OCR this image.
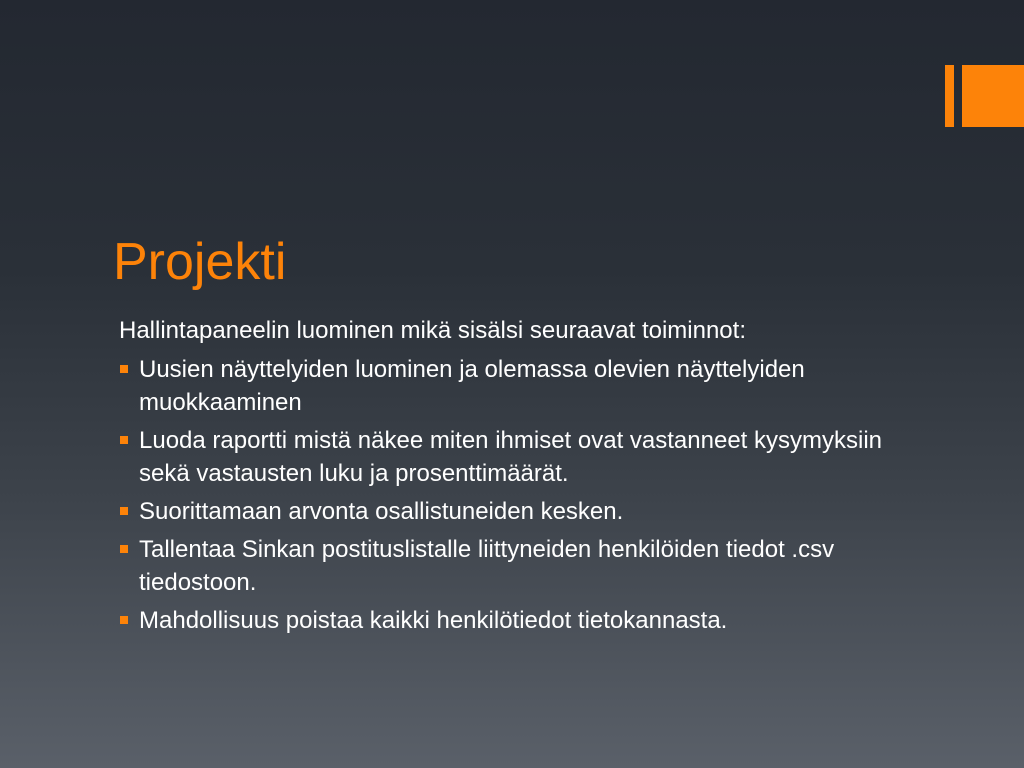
Projekti

Hallintapaneelin luominen mikä sisälsi seuraavat toiminnot:

Uusien näyttelyiden luominen ja olemassa olevien näyttelyiden muokkaaminen
Luoda raportti mistä näkee miten ihmiset ovat vastanneet kysymyksiin sekä vastausten luku ja prosenttimäärät.
Suorittamaan arvonta osallistuneiden kesken.
Tallentaa Sinkan postituslistalle liittyneiden henkilöiden tiedot .csv tiedostoon.
Mahdollisuus poistaa kaikki henkilötiedot tietokannasta.
